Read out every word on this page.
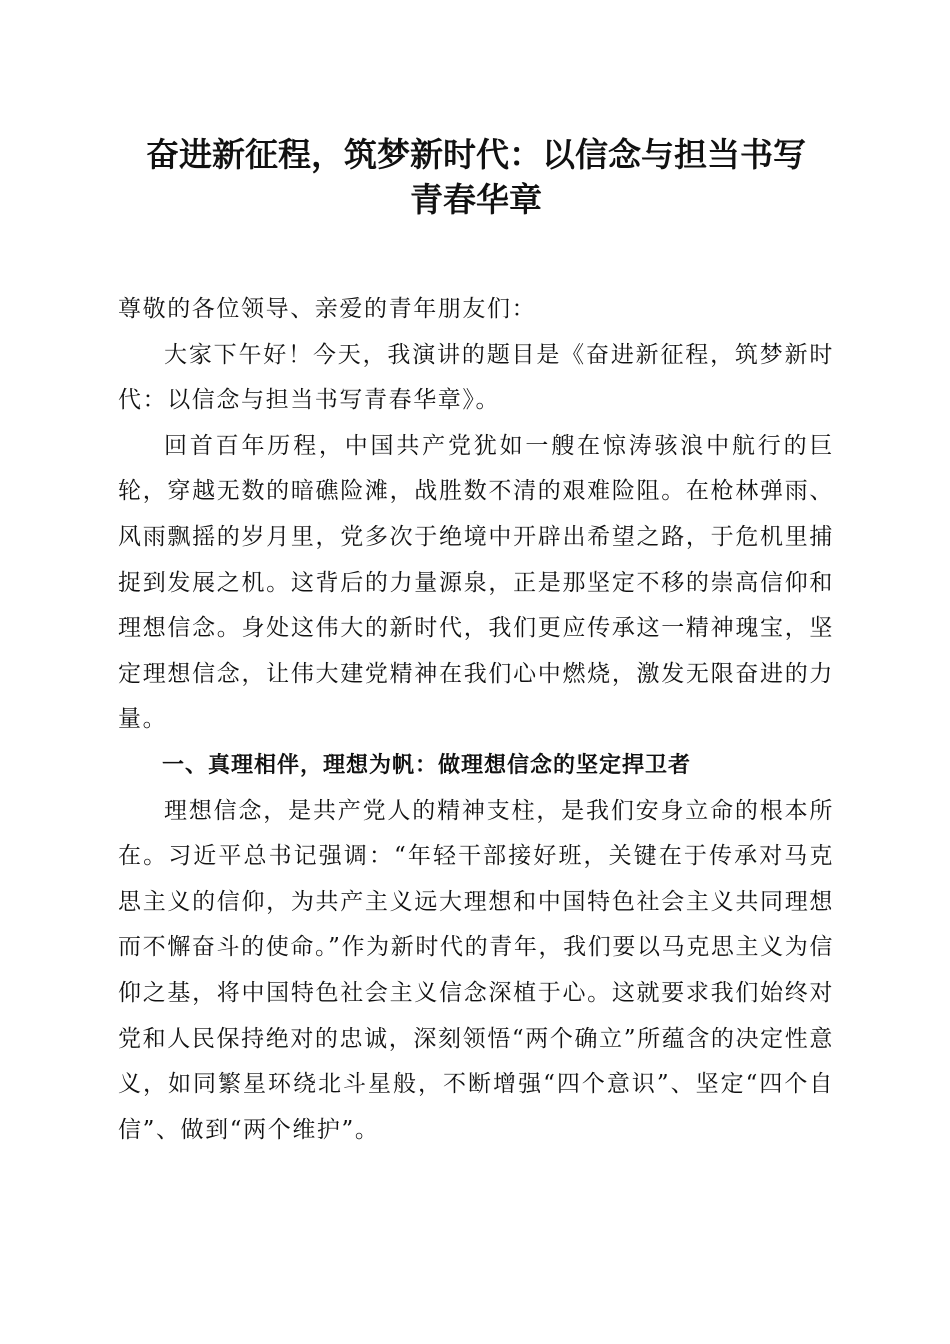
奋进新征程，筑梦新时代：以信念与担当书写
青春华章

尊敬的各位领导、亲爱的青年朋友们：

大家下午好！今天，我演讲的题目是《奋进新征程，筑梦新时代：以信念与担当书写青春华章》。

回首百年历程，中国共产党犹如一艘在惊涛骇浪中航行的巨轮，穿越无数的暗礁险滩，战胜数不清的艰难险阻。在枪林弹雨、风雨飘摇的岁月里，党多次于绝境中开辟出希望之路，于危机里捕捉到发展之机。这背后的力量源泉，正是那坚定不移的崇高信仰和理想信念。身处这伟大的新时代，我们更应传承这一精神瑰宝，坚定理想信念，让伟大建党精神在我们心中燃烧，激发无限奋进的力量。

一、真理相伴，理想为帆：做理想信念的坚定捍卫者

理想信念，是共产党人的精神支柱，是我们安身立命的根本所在。习近平总书记强调：“年轻干部接好班，关键在于传承对马克思主义的信仰，为共产主义远大理想和中国特色社会主义共同理想而不懈奋斗的使命。”作为新时代的青年，我们要以马克思主义为信仰之基，将中国特色社会主义信念深植于心。这就要求我们始终对党和人民保持绝对的忠诚，深刻领悟“两个确立”所蕴含的决定性意义，如同繁星环绕北斗星般，不断增强“四个意识”、坚定“四个自信”、做到“两个维护”。
